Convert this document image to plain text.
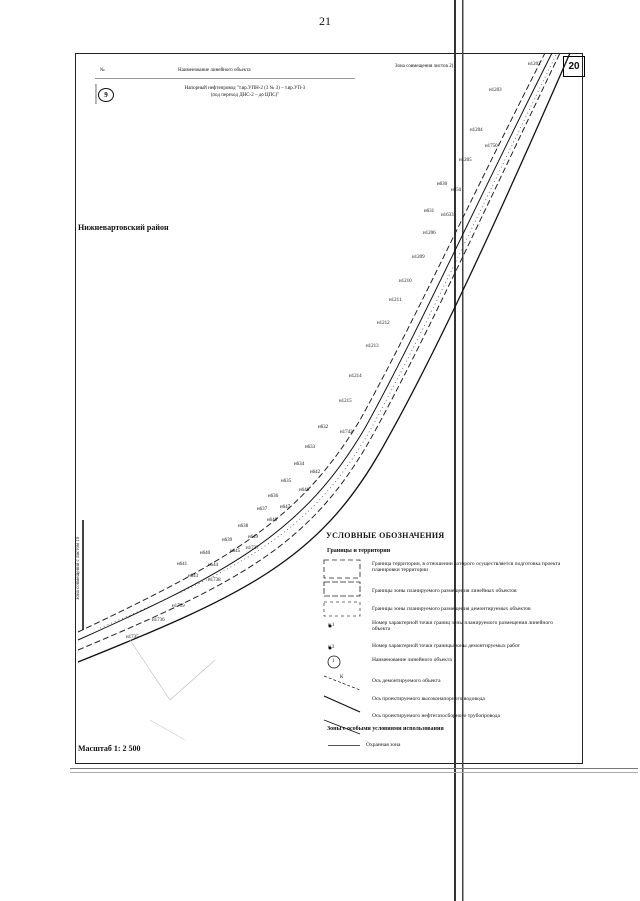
21
№	Наименование линейного объекта
9
Напорный нефтепровод "т.вр.УПН-2 (3 № 3) – т.вр.УП-3
(под переход ДНС-2 – до ЦПС)"
Зона совмещения листов 2)	20
Нижневартовский район
Масштаб 1: 2 500
Зона совмещения с листом 19
н1202
н1203
н1204
н1750
н1205
н630
н650
н631
н1633
н1206
н1209
н1210
н1211
н1212
н1213
н1214
н1215
н632
н1742
н633
н634
н635
н636
н637
н638
н639
н640
н641
н642
н643
н644
н645
н646
н647
н648
н649
н1737
н1738
н1739
н1736
н1735
УСЛОВНЫЕ ОБОЗНАЧЕНИЯ
Границы и территории
н 1
н 3
1
К
Граница территории, в отношении которого осуществляется подготовка проекта планировки территории
Границы зоны планируемого размещения линейных объектов
Границы зоны планируемого размещения демонтируемых объектов
Номер характерной точки границ зоны планируемого размещения линейного объекта
Номер характерной точки границы зоны демонтируемых работ
Наименование линейного объекта
Ось демонтируемого объекта
Ось проектируемого высоконапорного водовода
Ось проектируемого нефтегазосборного трубопровода
Зоны с особыми условиями использования
Охранная зона
